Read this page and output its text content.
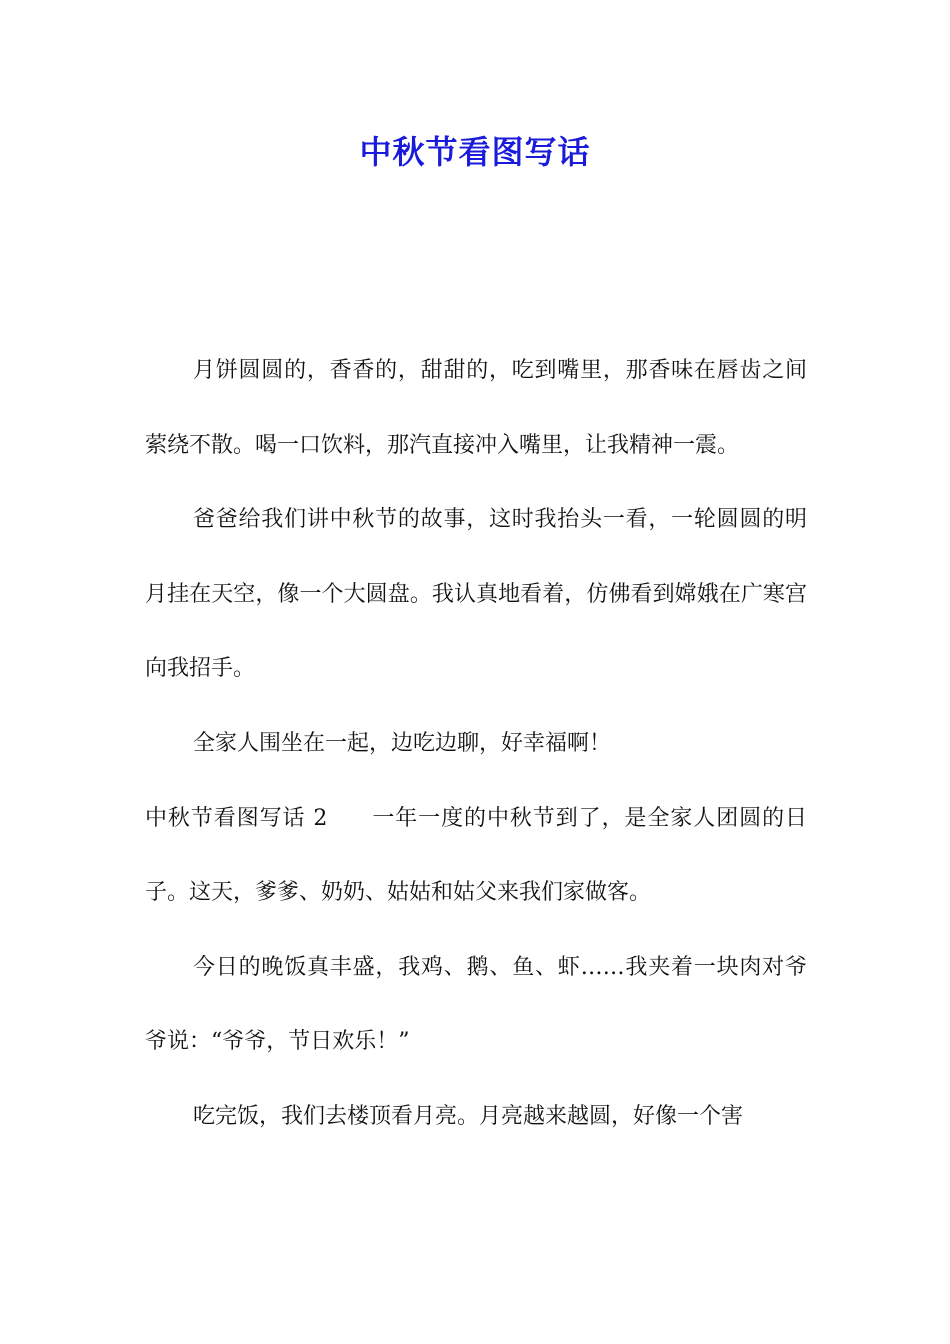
中秋节看图写话

月饼圆圆的，香香的，甜甜的，吃到嘴里，那香味在唇齿之间萦绕不散。喝一口饮料，那汽直接冲入嘴里，让我精神一震。

爸爸给我们讲中秋节的故事，这时我抬头一看，一轮圆圆的明月挂在天空，像一个大圆盘。我认真地看着，仿佛看到嫦娥在广寒宫向我招手。

全家人围坐在一起，边吃边聊，好幸福啊！

中秋节看图写话 2 一年一度的中秋节到了，是全家人团圆的日子。这天，爹爹、奶奶、姑姑和姑父来我们家做客。

今日的晚饭真丰盛，我鸡、鹅、鱼、虾……我夹着一块肉对爷爷说：“爷爷，节日欢乐！”

吃完饭，我们去楼顶看月亮。月亮越来越圆，好像一个害
